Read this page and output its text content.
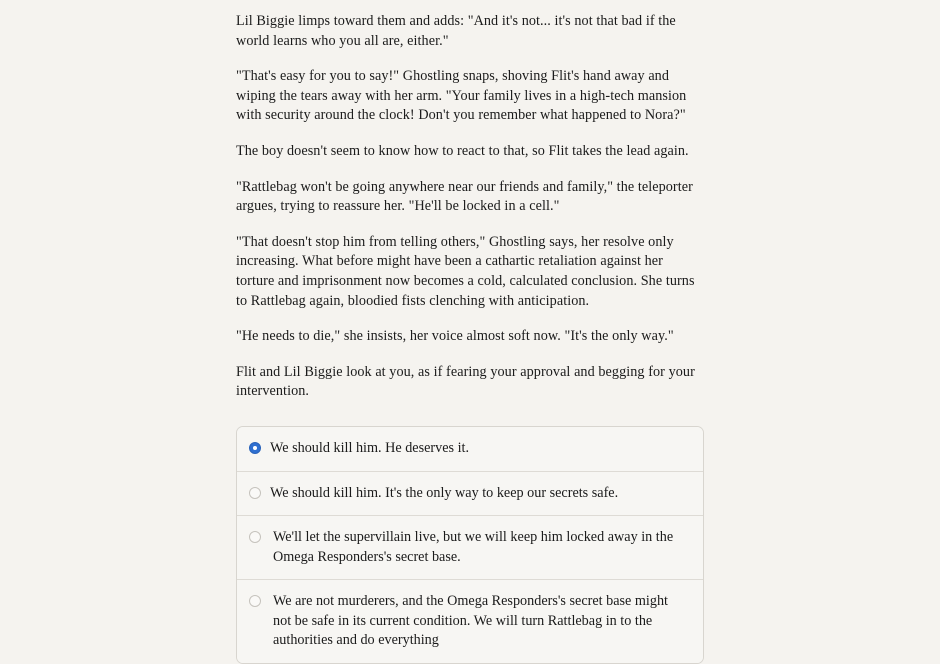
Lil Biggie limps toward them and adds: "And it's not... it's not that bad if the world learns who you all are, either."

"That's easy for you to say!" Ghostling snaps, shoving Flit's hand away and wiping the tears away with her arm. "Your family lives in a high-tech mansion with security around the clock! Don't you remember what happened to Nora?"

The boy doesn't seem to know how to react to that, so Flit takes the lead again.

"Rattlebag won't be going anywhere near our friends and family," the teleporter argues, trying to reassure her. "He'll be locked in a cell."

"That doesn't stop him from telling others," Ghostling says, her resolve only increasing. What before might have been a cathartic retaliation against her torture and imprisonment now becomes a cold, calculated conclusion. She turns to Rattlebag again, bloodied fists clenching with anticipation.

"He needs to die," she insists, her voice almost soft now. "It's the only way."

Flit and Lil Biggie look at you, as if fearing your approval and begging for your intervention.

We should kill him. He deserves it.
We should kill him. It's the only way to keep our secrets safe.
We'll let the supervillain live, but we will keep him locked away in the Omega Responders's secret base.
We are not murderers, and the Omega Responders's secret base might not be safe in its current condition. We will turn Rattlebag in to the authorities and do everything
